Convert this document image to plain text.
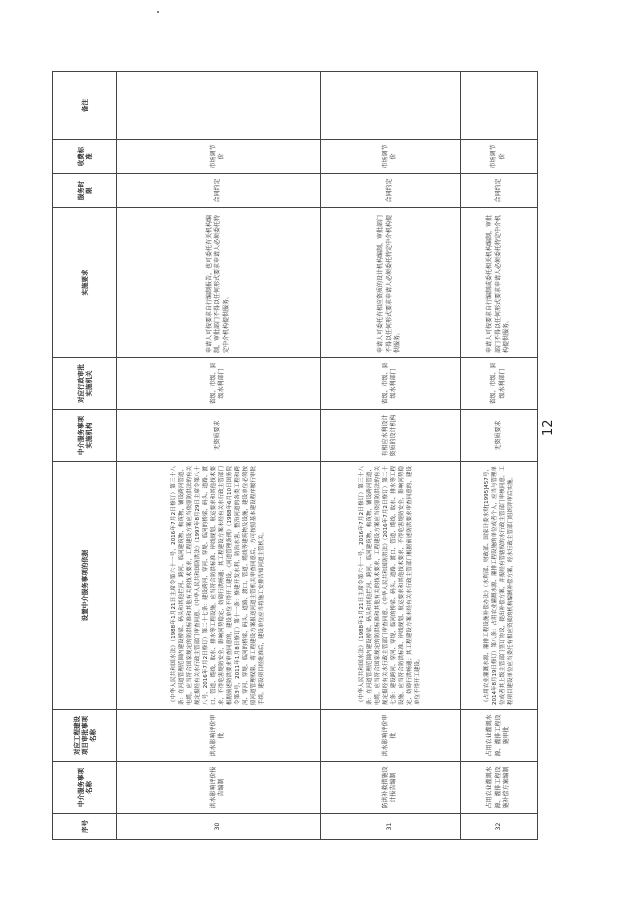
序号	中介服务事项名称	对应工程建设项目审批事项名称	设置中介服务事项的依据	中介服务事项实施机构	对应行政审批实施机关	实施要求	服务时限	收费标准	备注
30	洪水影响评价报告编制	洪水影响评价审批	《中华人民共和国水法》（1988年1月21日主席令第六十一号，2016年7月2日修订）第三十八条：在河道管理范围内建设桥梁、码头和其他拦河、跨河、临河建筑物、构筑物，铺设跨河管道、电缆，应当符合国家规定的防洪标准和其他有关的技术要求，工程建设方案应当依照防洪法的有关规定报经有关水行政主管部门审查同意。《中华人民共和国防洪法》（1997年8月29日主席令第八十八号，2016年7月2日修订）第二十七条：建设跨河、穿河、穿堤、临河的桥梁、码头、道路、渡口、管道、缆线、取水、排水等工程设施，应当符合防洪标准、岸线规划、航运要求和其他技术要求，不得危害堤防安全，影响河势稳定、妨碍行洪畅通；其工程建设方案未经有关水行政主管部门根据前述防洪要求审查同意的，建设单位不得开工建设。《河道管理条例》（1988年6月10日国务院令第3号，2011年1月8日修订）第十一条：修建开发水利、防治水害、整治河道的各类工程和跨河、穿河、穿堤、临河的桥梁、码头、道路、渡口、管道、缆线等建筑物及设施，建设单位必须按照河道管理权限，将工程建设方案报送河道主管机关审查同意后，方可按照基本建设程序履行审批手续。建设项目经批准后，建设单位应当将施工安排告知河道主管机关。	无资质要求	省级、市级、县级水利部门	申请人可按要求自行编制报告，也可委托有关机构编制，审批部门不得以任何形式要求申请人必须委托特定中介机构提供服务。	合同约定	市场调节价	
31	防洪补救措施设计报告编制	洪水影响评价审批	《中华人民共和国水法》（1988年1月21日主席令第六十一号，2016年7月2日修订）第三十八条：在河道管理范围内建设桥梁、码头和其他拦河、跨河、临河建筑物、构筑物，铺设跨河管道、电缆，应当符合国家规定的防洪标准和其他有关的技术要求，工程建设方案应当依照防洪法的有关规定报经有关水行政主管部门审查同意。《中华人民共和国防洪法》（2016年7月2日修订）第二十七条：建设跨河、穿河、穿堤、临河的桥梁、码头、道路、渡口、管道、缆线、取水、排水等工程设施，应当符合防洪标准、岸线规划、航运要求和其他技术要求，不得危害堤防安全，影响河势稳定、妨碍行洪畅通；其工程建设方案未经有关水行政主管部门根据前述防洪要求审查同意的，建设单位不得开工建设。	有相应水利设计资质的设计机构	省级、市级、县级水利部门	申请人可委托有相应资质的设计机构编制，审批部门不得以任何形式要求申请人必须委托特定中介机构提供服务。	合同约定	市场调节价	
32	占用农业灌溉水源、灌排工程设施补偿方案编制	占用农业灌溉水源、灌排工程设施审批	《占用农业灌溉水源、灌排工程设施补偿办法》（水利部、财政部、国家计委水财[1995]457号，2014年8月19日修订）第八条：占用农业灌溉水源、灌排工程设施的单位或者个人，应当与管理单位或者其上级主管部门签订协议，提出补偿方案，并报经有管辖权的水行政主管部门审核同意。工程项目建设单位应当委托有相应资质的机构编制补偿方案，经水行政主管部门组织评审后实施。	无资质要求	省级、市级、县级水利部门	申请人可按要求自行编制或委托相关机构编制，审批部门不得以任何形式要求申请人必须委托特定中介机构提供服务。	合同约定	市场调节价	
12
